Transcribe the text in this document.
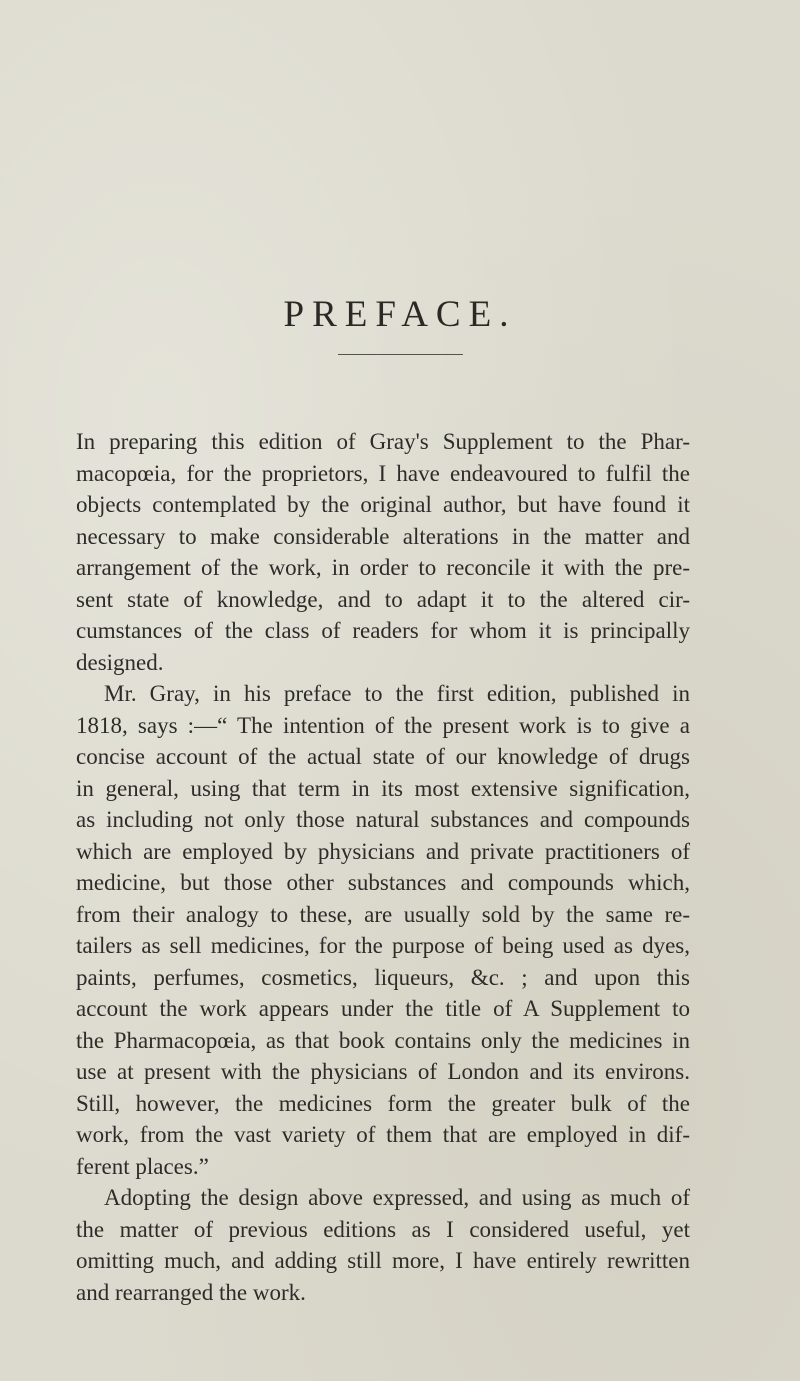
PREFACE.
In preparing this edition of Gray's Supplement to the Phar-
macopœia, for the proprietors, I have endeavoured to fulfil the
objects contemplated by the original author, but have found it
necessary to make considerable alterations in the matter and
arrangement of the work, in order to reconcile it with the pre-
sent state of knowledge, and to adapt it to the altered cir-
cumstances of the class of readers for whom it is principally
designed.
Mr. Gray, in his preface to the first edition, published in
1818, says :—“ The intention of the present work is to give a
concise account of the actual state of our knowledge of drugs
in general, using that term in its most extensive signification,
as including not only those natural substances and compounds
which are employed by physicians and private practitioners of
medicine, but those other substances and compounds which,
from their analogy to these, are usually sold by the same re-
tailers as sell medicines, for the purpose of being used as dyes,
paints, perfumes, cosmetics, liqueurs, &c. ; and upon this
account the work appears under the title of A Supplement to
the Pharmacopœia, as that book contains only the medicines in
use at present with the physicians of London and its environs.
Still, however, the medicines form the greater bulk of the
work, from the vast variety of them that are employed in dif-
ferent places.”
Adopting the design above expressed, and using as much of
the matter of previous editions as I considered useful, yet
omitting much, and adding still more, I have entirely rewritten
and rearranged the work.
